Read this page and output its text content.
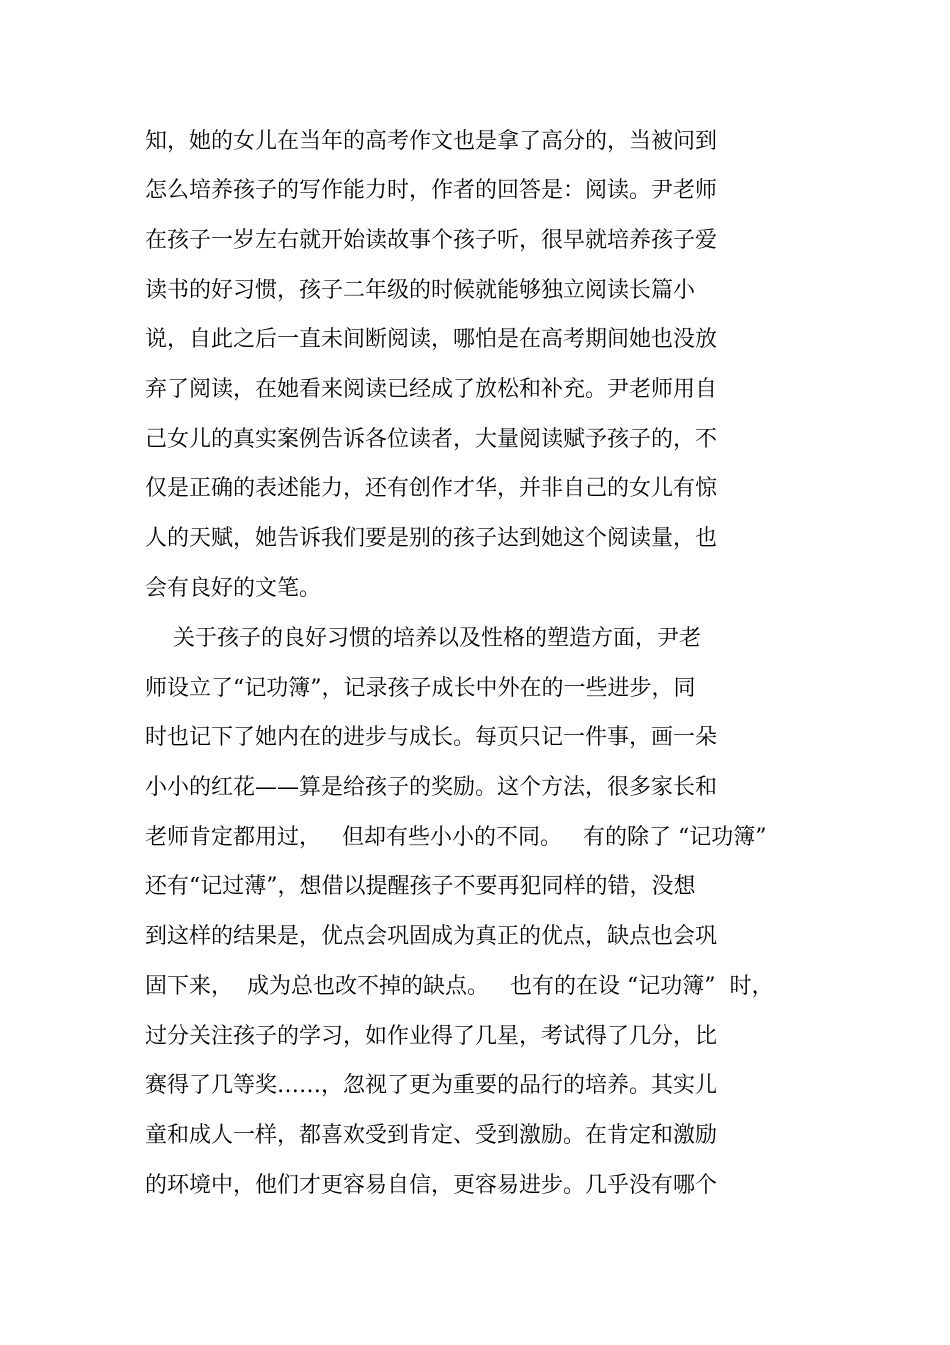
知，她的女儿在当年的高考作文也是拿了高分的，当被问到
怎么培养孩子的写作能力时，作者的回答是：阅读。尹老师
在孩子一岁左右就开始读故事个孩子听，很早就培养孩子爱
读书的好习惯，孩子二年级的时候就能够独立阅读长篇小
说，自此之后一直未间断阅读，哪怕是在高考期间她也没放
弃了阅读，在她看来阅读已经成了放松和补充。尹老师用自
己女儿的真实案例告诉各位读者，大量阅读赋予孩子的，不
仅是正确的表述能力，还有创作才华，并非自己的女儿有惊
人的天赋，她告诉我们要是别的孩子达到她这个阅读量，也
会有良好的文笔。
关于孩子的良好习惯的培养以及性格的塑造方面，尹老
师设立了“记功簿”，记录孩子成长中外在的一些进步，同
时也记下了她内在的进步与成长。每页只记一件事，画一朵
小小的红花——算是给孩子的奖励。这个方法，很多家长和
老师肯定都用过，   但却有些小小的不同。   有的除了 “记功簿”
还有“记过薄”，想借以提醒孩子不要再犯同样的错，没想
到这样的结果是，优点会巩固成为真正的优点，缺点也会巩
固下来，  成为总也改不掉的缺点。   也有的在设 “记功簿”  时，
过分关注孩子的学习，如作业得了几星，考试得了几分，比
赛得了几等奖……，忽视了更为重要的品行的培养。其实儿
童和成人一样，都喜欢受到肯定、受到激励。在肯定和激励
的环境中，他们才更容易自信，更容易进步。几乎没有哪个
